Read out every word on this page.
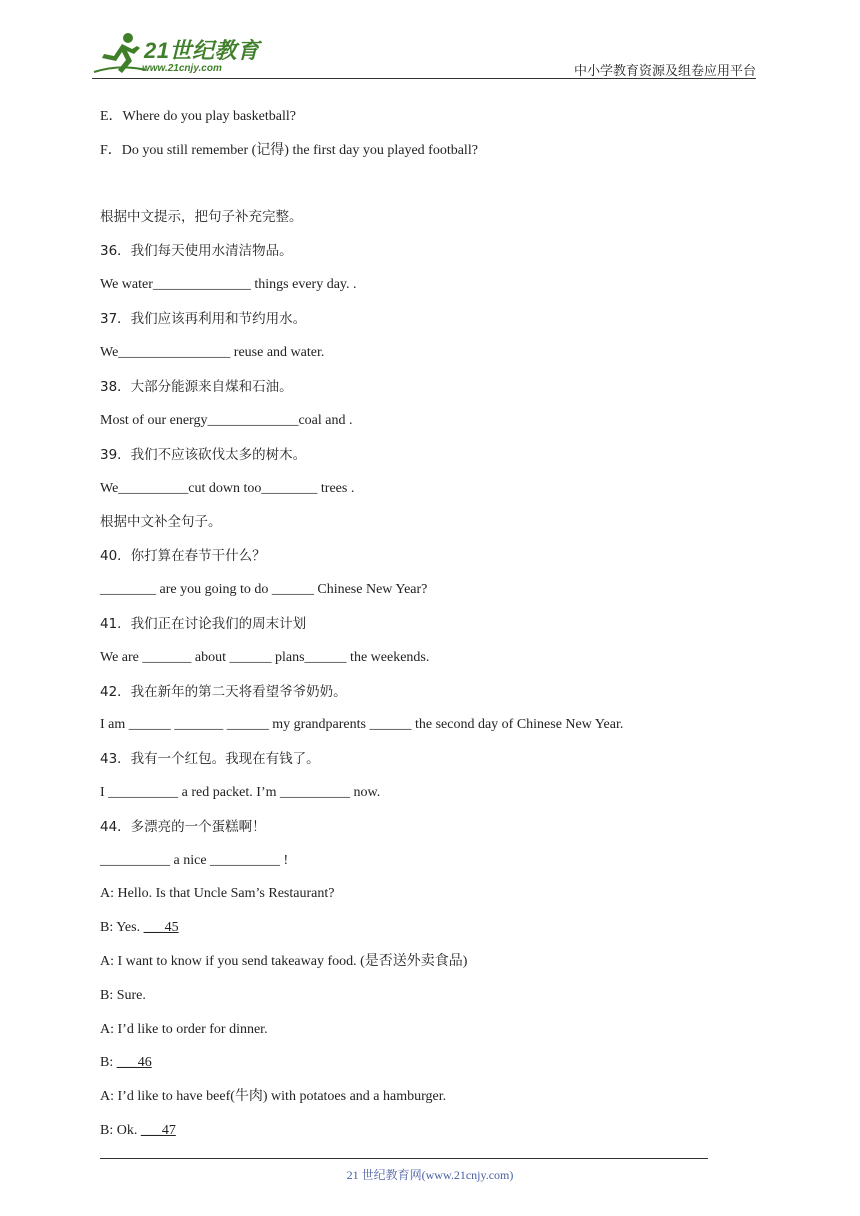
21世纪教育
www.21cnjy.com	中小学教育资源及组卷应用平台
E．Where do you play basketball?
F．Do you still remember (记得) the first day you played football?
根据中文提示，把句子补充完整。
36．我们每天使用水清洁物品。
We water______________ things every day. .
37．我们应该再利用和节约用水。
We________________ reuse and water.
38．大部分能源来自煤和石油。
Most of our energy_____________coal and .
39．我们不应该砍伐太多的树木。
We__________cut down too________ trees .
根据中文补全句子。
40．你打算在春节干什么？
________ are you going to do ______ Chinese New Year?
41．我们正在讨论我们的周末计划
We are _______ about ______ plans______ the weekends.
42．我在新年的第二天将看望爷爷奶奶。
I am ______ _______ ______ my grandparents ______ the second day of Chinese New Year.
43．我有一个红包。我现在有钱了。
I __________ a red packet. I’m __________ now.
44．多漂亮的一个蛋糕啊！
__________ a nice __________ !
A: Hello. Is that Uncle Sam’s Restaurant?
B: Yes. ___45
A: I want to know if you send takeaway food. (是否送外卖食品)
B: Sure.
A: I’d like to order for dinner.
B: ___46
A: I’d like to have beef(牛肉) with potatoes and a hamburger.
B: Ok. ___47
21 世纪教育网(www.21cnjy.com)
